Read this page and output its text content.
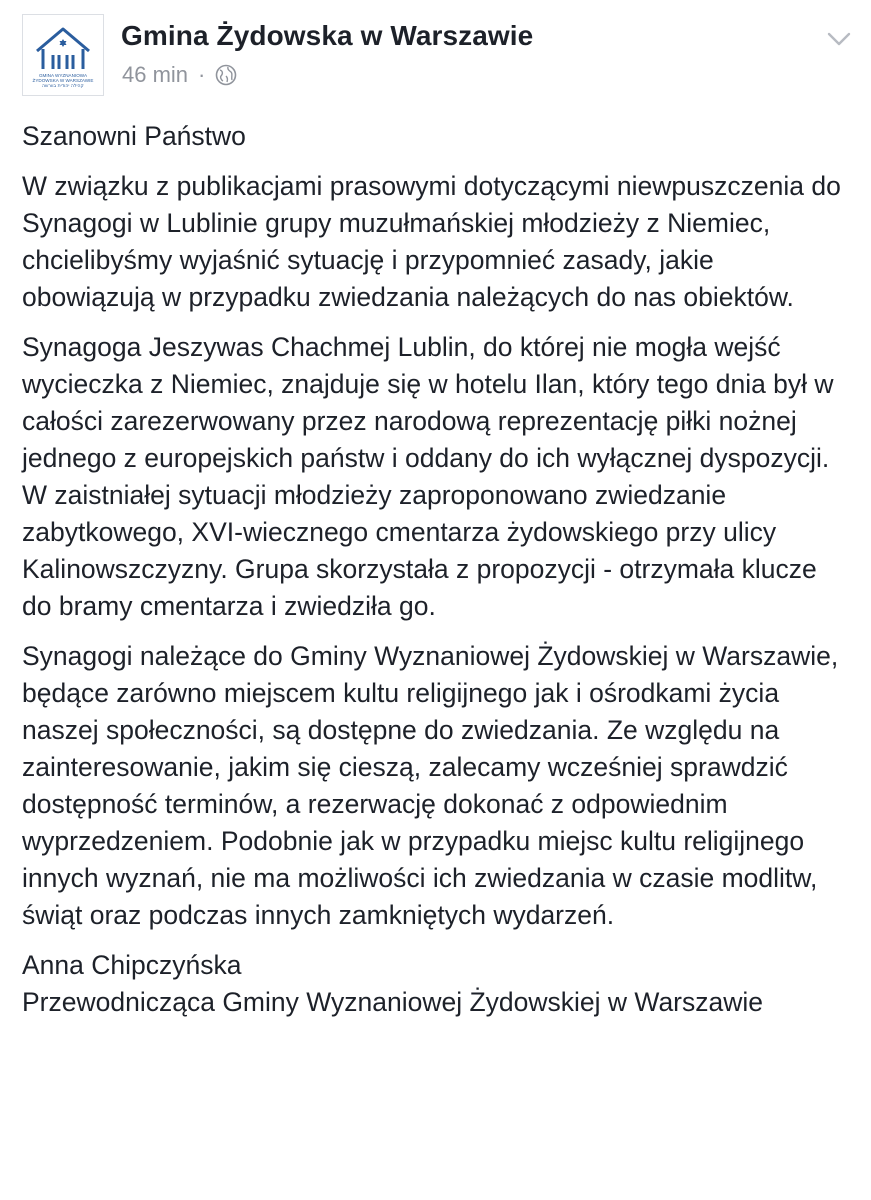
GMINA WYZNANIOWA
ŻYDOWSKA W WARSZAWIE
קהילה יהודית בוורשה
Gmina Żydowska w Warszawie
46 min ·

Szanowni Państwo

W związku z publikacjami prasowymi dotyczącymi niewpuszczenia do Synagogi w Lublinie grupy muzułmańskiej młodzieży z Niemiec, chcielibyśmy wyjaśnić sytuację i przypomnieć zasady, jakie obowiązują w przypadku zwiedzania należących do nas obiektów.

Synagoga Jeszywas Chachmej Lublin, do której nie mogła wejść wycieczka z Niemiec, znajduje się w hotelu Ilan, który tego dnia był w całości zarezerwowany przez narodową reprezentację piłki nożnej jednego z europejskich państw i oddany do ich wyłącznej dyspozycji. W zaistniałej sytuacji młodzieży zaproponowano zwiedzanie zabytkowego, XVI-wiecznego cmentarza żydowskiego przy ulicy Kalinowszczyzny. Grupa skorzystała z propozycji - otrzymała klucze do bramy cmentarza i zwiedziła go.

Synagogi należące do Gminy Wyznaniowej Żydowskiej w Warszawie, będące zarówno miejscem kultu religijnego jak i ośrodkami życia naszej społeczności, są dostępne do zwiedzania. Ze względu na zainteresowanie, jakim się cieszą, zalecamy wcześniej sprawdzić dostępność terminów, a rezerwację dokonać z odpowiednim wyprzedzeniem. Podobnie jak w przypadku miejsc kultu religijnego innych wyznań, nie ma możliwości ich zwiedzania w czasie modlitw, świąt oraz podczas innych zamkniętych wydarzeń.

Anna Chipczyńska
Przewodnicząca Gminy Wyznaniowej Żydowskiej w Warszawie
